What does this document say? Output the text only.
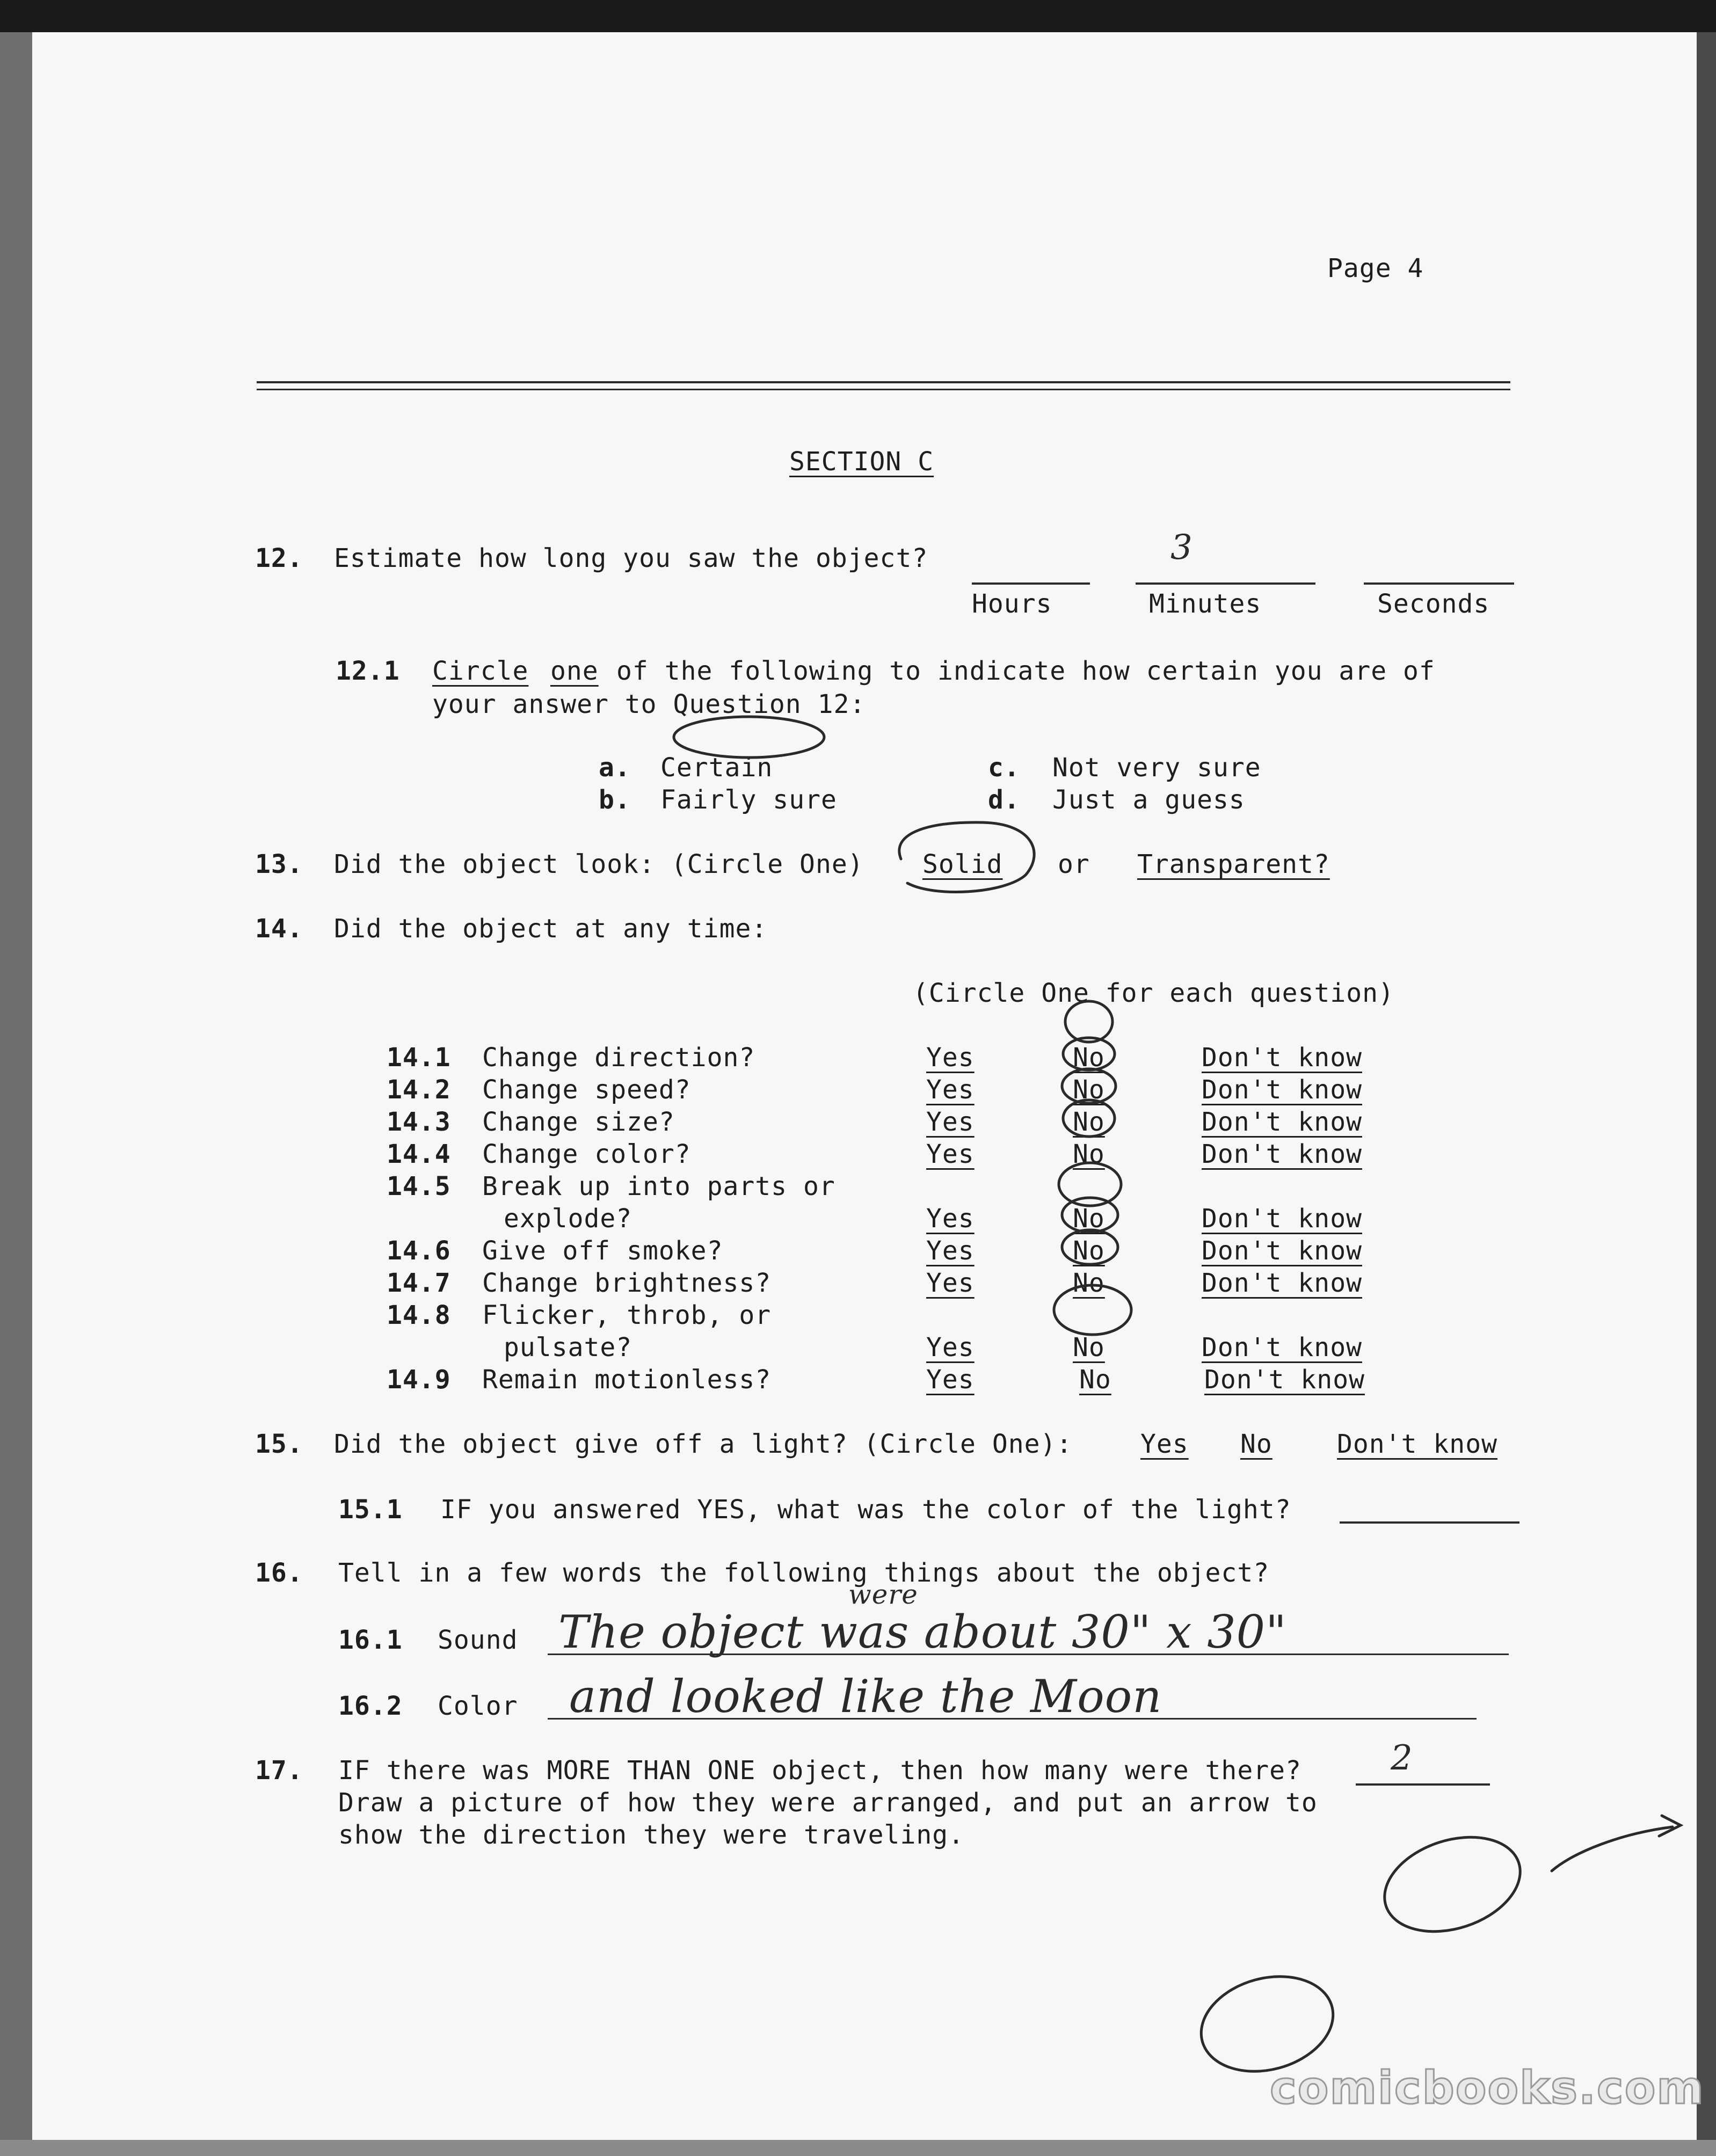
Page 4
SECTION C
12. Estimate how long you saw the object?
Hours
3
Minutes	Seconds
12.1 Circle one of the following to indicate how certain you are of
your answer to Question 12:
a. Certain
b. Fairly sure
c. Not very sure
d. Just a guess
13. Did the object look: (Circle One) Solid or Transparent?
14. Did the object at any time:
(Circle One for each question)
14.1 Change direction?	Yes	No	Don't know
14.2 Change speed?	Yes	No	Don't know
14.3 Change size?	Yes	No	Don't know
14.4 Change color?	Yes	No	Don't know
14.5 Break up into parts or
explode?	Yes	No	Don't know
14.6 Give off smoke?	Yes	No	Don't know
14.7 Change brightness?	Yes	No	Don't know
14.8 Flicker, throb, or
pulsate?	Yes	No	Don't know
14.9 Remain motionless?	Yes	No	Don't know
15. Did the object give off a light? (Circle One):	Yes No	Don't know
15.1 IF you answered YES, what was the color of the light?
16. Tell in a few words the following things about the object?
16.1 Sound
were
The object was about 30" x 30"
16.2 Color and looked like the Moon
17. IF there was MORE THAN ONE object, then how many were there?	2
Draw a picture of how they were arranged, and put an arrow to
show the direction they were traveling.
comicbooks.com
